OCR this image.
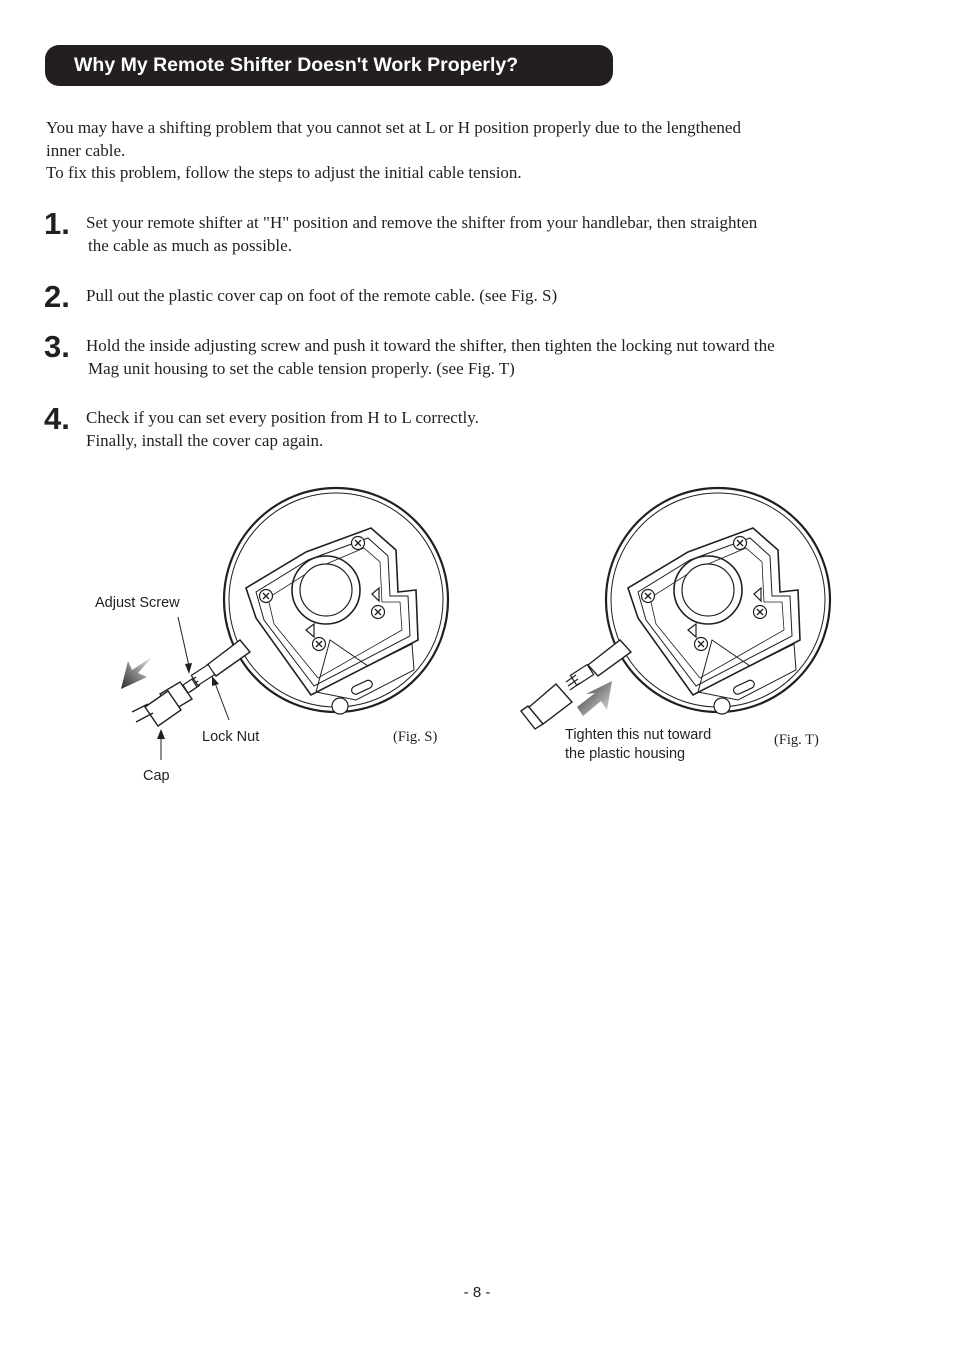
Why My Remote Shifter Doesn't Work Properly?

You may have a shifting problem that you cannot set at L or H position properly due to the lengthened

inner cable.

To fix this problem, follow the steps to adjust the initial cable tension.

1. Set your remote shifter at "H" position and remove the shifter from your handlebar, then straighten

the cable as much as possible.

2. Pull out the plastic cover cap on foot of the remote cable. (see Fig. S)

3. Hold the inside adjusting screw and push it toward the shifter, then tighten the locking nut toward the

Mag unit housing to set the cable tension properly. (see Fig. T)

4. Check if you can set every position from H to L correctly.

Finally, install the cover cap again.

Adjust Screw
Lock Nut
Cap
(Fig. S)	Tighten this nut toward
the plastic housing
(Fig. T)
- 8 -
